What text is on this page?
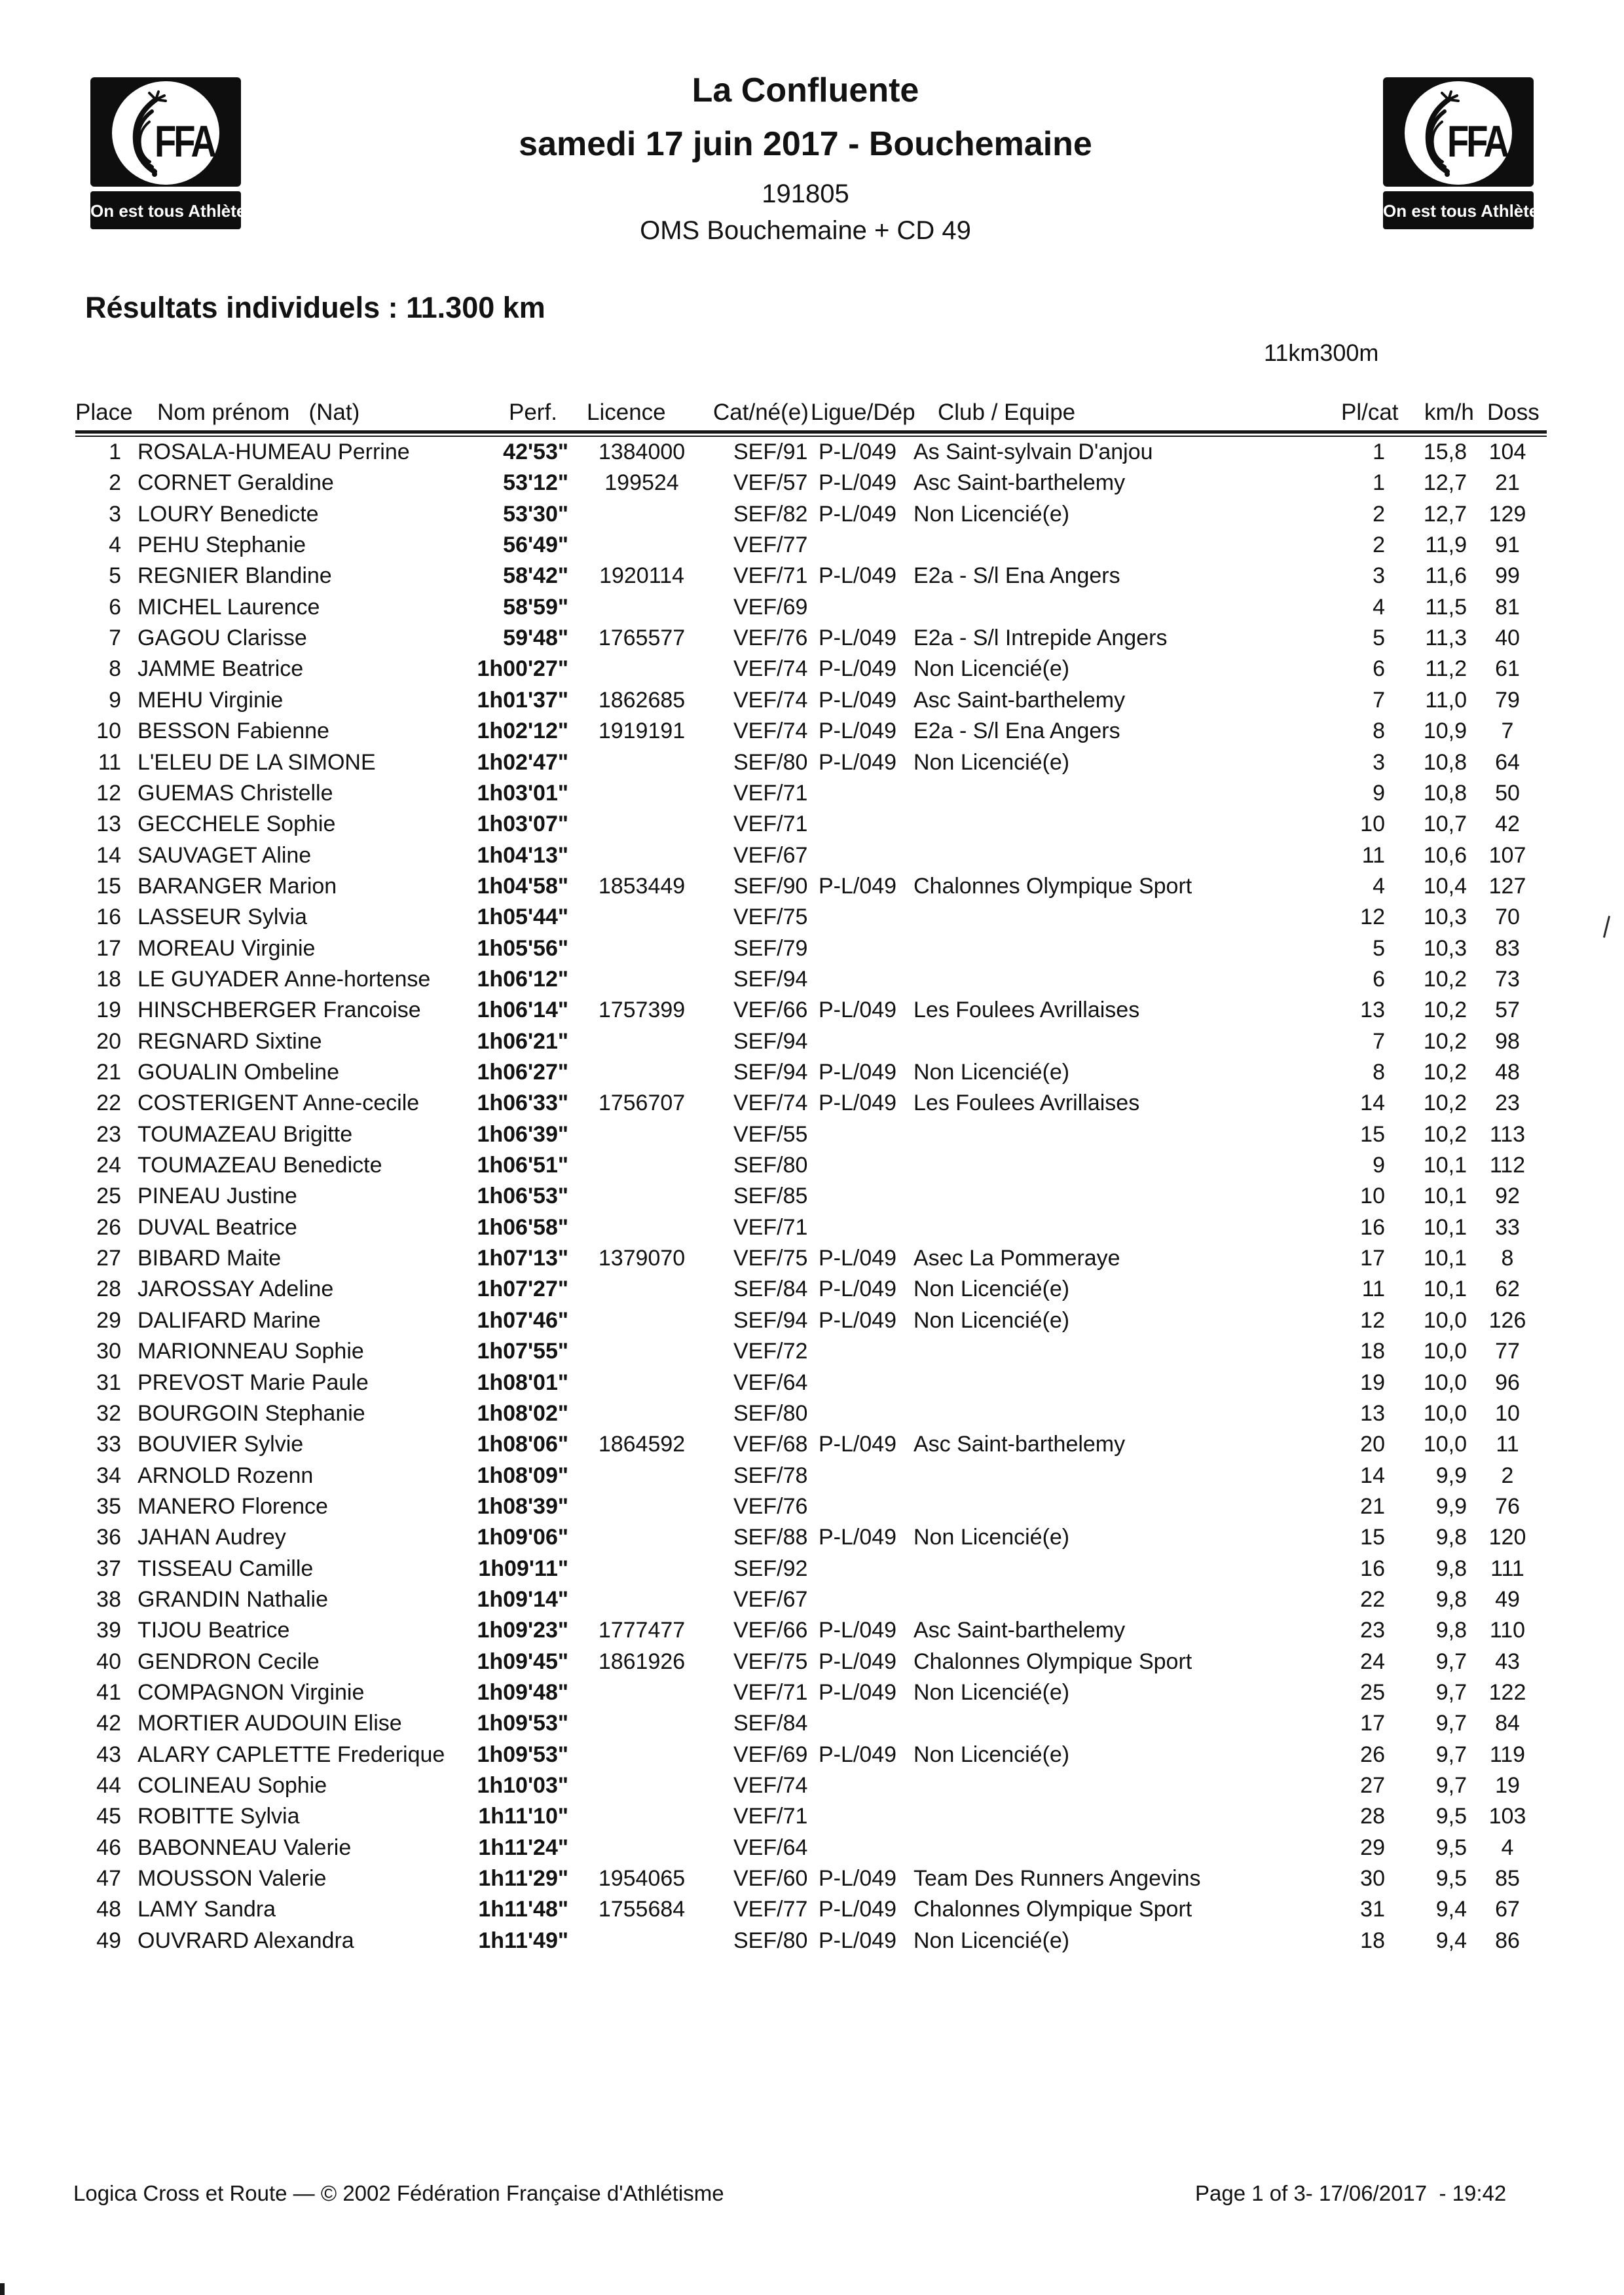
FFA
On est tous Athlètes
FFA
On est tous Athlètes
La Confluente
samedi 17 juin 2017 - Bouchemaine
191805
OMS Bouchemaine + CD 49
Résultats individuels : 11.300 km
11km300m
Place Nom prénom   (Nat)	Perf. Licence Cat/né(e) Ligue/Dép Club / Equipe	Pl/cat km/h Doss
1 ROSALA-HUMEAU Perrine	42'53" 1384000 SEF/91 P-L/049 As Saint-sylvain D'anjou	1	15,8 104
2 CORNET Geraldine	53'12"	199524	VEF/57 P-L/049 Asc Saint-barthelemy	1	12,7	21
3 LOURY Benedicte	53'30"	SEF/82 P-L/049 Non Licencié(e)	2	12,7 129
4 PEHU Stephanie	56'49"	VEF/77	2	11,9	91
5 REGNIER Blandine	58'42" 1920114 VEF/71 P-L/049 E2a - S/l Ena Angers	3	11,6	99
6 MICHEL Laurence	58'59"	VEF/69	4	11,5	81
7 GAGOU Clarisse	59'48" 1765577 VEF/76 P-L/049 E2a - S/l Intrepide Angers	5	11,3	40
8 JAMME Beatrice	1h00'27"	VEF/74 P-L/049 Non Licencié(e)	6	11,2	61
9 MEHU Virginie	1h01'37" 1862685 VEF/74 P-L/049 Asc Saint-barthelemy	7	11,0	79
10 BESSON Fabienne	1h02'12" 1919191 VEF/74 P-L/049 E2a - S/l Ena Angers	8	10,9	7
11 L'ELEU DE LA SIMONE	1h02'47"	SEF/80 P-L/049 Non Licencié(e)	3	10,8	64
12 GUEMAS Christelle	1h03'01"	VEF/71	9	10,8	50
13 GECCHELE Sophie	1h03'07"	VEF/71	10	10,7	42
14 SAUVAGET Aline	1h04'13"	VEF/67	11	10,6 107
15 BARANGER Marion	1h04'58" 1853449 SEF/90 P-L/049 Chalonnes Olympique Sport	4	10,4 127
16 LASSEUR Sylvia	1h05'44"	VEF/75	12	10,3	70
17 MOREAU Virginie	1h05'56"	SEF/79	5	10,3	83
18 LE GUYADER Anne-hortense	1h06'12"	SEF/94	6	10,2	73
19 HINSCHBERGER Francoise	1h06'14" 1757399 VEF/66 P-L/049 Les Foulees Avrillaises	13	10,2	57
20 REGNARD Sixtine	1h06'21"	SEF/94	7	10,2	98
21 GOUALIN Ombeline	1h06'27"	SEF/94 P-L/049 Non Licencié(e)	8	10,2	48
22 COSTERIGENT Anne-cecile	1h06'33" 1756707 VEF/74 P-L/049 Les Foulees Avrillaises	14	10,2	23
23 TOUMAZEAU Brigitte	1h06'39"	VEF/55	15	10,2	113
24 TOUMAZEAU Benedicte	1h06'51"	SEF/80	9	10,1	112
25 PINEAU Justine	1h06'53"	SEF/85	10	10,1	92
26 DUVAL Beatrice	1h06'58"	VEF/71	16	10,1	33
27 BIBARD Maite	1h07'13" 1379070 VEF/75 P-L/049 Asec La Pommeraye	17	10,1	8
28 JAROSSAY Adeline	1h07'27"	SEF/84 P-L/049 Non Licencié(e)	11	10,1	62
29 DALIFARD Marine	1h07'46"	SEF/94 P-L/049 Non Licencié(e)	12	10,0 126
30 MARIONNEAU Sophie	1h07'55"	VEF/72	18	10,0	77
31 PREVOST Marie Paule	1h08'01"	VEF/64	19	10,0	96
32 BOURGOIN Stephanie	1h08'02"	SEF/80	13	10,0	10
33 BOUVIER Sylvie	1h08'06" 1864592 VEF/68 P-L/049 Asc Saint-barthelemy	20	10,0	11
34 ARNOLD Rozenn	1h08'09"	SEF/78	14	9,9	2
35 MANERO Florence	1h08'39"	VEF/76	21	9,9	76
36 JAHAN Audrey	1h09'06"	SEF/88 P-L/049 Non Licencié(e)	15	9,8 120
37 TISSEAU Camille	1h09'11"	SEF/92	16	9,8	111
38 GRANDIN Nathalie	1h09'14"	VEF/67	22	9,8	49
39 TIJOU Beatrice	1h09'23" 1777477 VEF/66 P-L/049 Asc Saint-barthelemy	23	9,8	110
40 GENDRON Cecile	1h09'45" 1861926 VEF/75 P-L/049 Chalonnes Olympique Sport	24	9,7	43
41 COMPAGNON Virginie	1h09'48"	VEF/71 P-L/049 Non Licencié(e)	25	9,7 122
42 MORTIER AUDOUIN Elise	1h09'53"	SEF/84	17	9,7	84
43 ALARY CAPLETTE Frederique	1h09'53"	VEF/69 P-L/049 Non Licencié(e)	26	9,7	119
44 COLINEAU Sophie	1h10'03"	VEF/74	27	9,7	19
45 ROBITTE Sylvia	1h11'10"	VEF/71	28	9,5 103
46 BABONNEAU Valerie	1h11'24"	VEF/64	29	9,5	4
47 MOUSSON Valerie	1h11'29" 1954065 VEF/60 P-L/049 Team Des Runners Angevins	30	9,5	85
48 LAMY Sandra	1h11'48" 1755684 VEF/77 P-L/049 Chalonnes Olympique Sport	31	9,4	67
49 OUVRARD Alexandra	1h11'49"	SEF/80 P-L/049 Non Licencié(e)	18	9,4	86
Logica Cross et Route — © 2002 Fédération Française d'Athlétisme	Page 1 of 3- 17/06/2017  - 19:42
